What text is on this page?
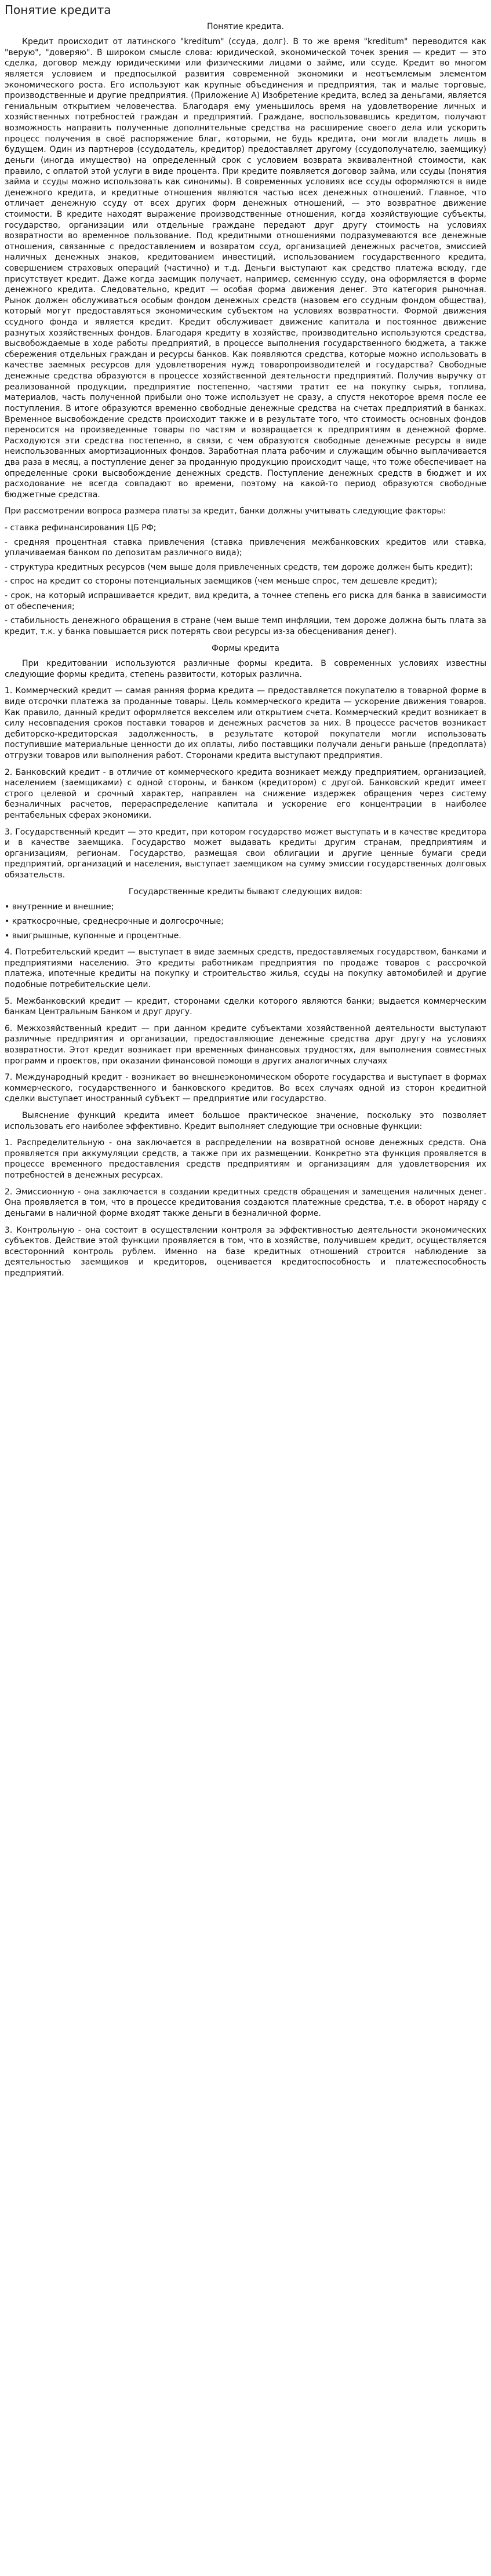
Понятие кредита
Понятие кредита.

Кредит происходит от латинского "kreditum" (ссуда, долг). В то же время "kreditum" переводится как "верую", "доверяю". В широком смысле слова: юридической, экономической точек зрения — кредит — это сделка, договор между юридическими или физическими лицами о займе, или ссуде. Кредит во многом является условием и предпосылкой развития современной экономики и неотъемлемым элементом экономического роста. Его используют как крупные объединения и предприятия, так и малые торговые, производственные и другие предприятия. (Приложение А) Изобретение кредита, вслед за деньгами, является гениальным открытием человечества. Благодаря ему уменьшилось время на удовлетворение личных и хозяйственных потребностей граждан и предприятий. Граждане, воспользовавшись кредитом, получают возможность направить полученные дополнительные средства на расширение своего дела или ускорить процесс получения в своё распоряжение благ, которыми, не будь кредита, они могли владеть лишь в будущем. Один из партнеров (ссудодатель, кредитор) предоставляет другому (ссудополучателю, заемщику) деньги (иногда имущество) на определенный срок с условием возврата эквивалентной стоимости, как правило, с оплатой этой услуги в виде процента. При кредите появляется договор займа, или ссуды (понятия займа и ссуды можно использовать как синонимы). В современных условиях все ссуды оформляются в виде денежного кредита, и кредитные отношения являются частью всех денежных отношений. Главное, что отличает денежную ссуду от всех других форм денежных отношений, — это возвратное движение стоимости. В кредите находят выражение производственные отношения, когда хозяйствующие субъекты, государство, организации или отдельные граждане передают друг другу стоимость на условиях возвратности во временное пользование. Под кредитными отношениями подразумеваются все денежные отношения, связанные с предоставлением и возвратом ссуд, организацией денежных расчетов, эмиссией наличных денежных знаков, кредитованием инвестиций, использованием государственного кредита, совершением страховых операций (частично) и т.д. Деньги выступают как средство платежа всюду, где присутствует кредит. Даже когда заемщик получает, например, семенную ссуду, она оформляется в форме денежного кредита. Следовательно, кредит — особая форма движения денег. Это категория рыночная. Рынок должен обслуживаться особым фондом денежных средств (назовем его ссудным фондом общества), который могут предоставляться экономическим субъектом на условиях возвратности. Формой движения ссудного фонда и является кредит. Кредит обслуживает движение капитала и постоянное движение разнутых хозяйственных фондов. Благодаря кредиту в хозяйстве, производительно используются средства, высвобождаемые в ходе работы предприятий, в процессе выполнения государственного бюджета, а также сбережения отдельных граждан и ресурсы банков. Как появляются средства, которые можно использовать в качестве заемных ресурсов для удовлетворения нужд товаропроизводителей и государства? Свободные денежные средства образуются в процессе хозяйственной деятельности предприятий. Получив выручку от реализованной продукции, предприятие постепенно, частями тратит ее на покупку сырья, топлива, материалов, часть полученной прибыли оно тоже использует не сразу, а спустя некоторое время после ее поступления. В итоге образуются временно свободные денежные средства на счетах предприятий в банках. Временное высвобождение средств происходит также и в результате того, что стоимость основных фондов переносится на произведенные товары по частям и возвращается к предприятиям в денежной форме. Расходуются эти средства постепенно, в связи, с чем образуются свободные денежные ресурсы в виде неиспользованных амортизационных фондов. Заработная плата рабочим и служащим обычно выплачивается два раза в месяц, а поступление денег за проданную продукцию происходит чаще, что тоже обеспечивает на определенные сроки высвобождение денежных средств. Поступление денежных средств в бюджет и их расходование не всегда совпадают во времени, поэтому на какой-то период образуются свободные бюджетные средства.

При рассмотрении вопроса размера платы за кредит, банки должны учитывать следующие факторы:

- ставка рефинансирования ЦБ РФ;
- средняя процентная ставка привлечения (ставка привлечения межбанковских кредитов или ставка, уплачиваемая банком по депозитам различного вида);
- структура кредитных ресурсов (чем выше доля привлеченных средств, тем дороже должен быть кредит);
- спрос на кредит со стороны потенциальных заемщиков (чем меньше спрос, тем дешевле кредит);
- срок, на который испрашивается кредит, вид кредита, а точнее степень его риска для банка в зависимости от обеспечения;
- стабильность денежного обращения в стране (чем выше темп инфляции, тем дороже должна быть плата за кредит, т.к. у банка повышается риск потерять свои ресурсы из-за обесценивания денег).
Формы кредита

При кредитовании используются различные формы кредита. В современных условиях известны следующие формы кредита, степень развитости, которых различна.

1. Коммерческий кредит — самая ранняя форма кредита — предоставляется покупателю в товарной форме в виде отсрочки платежа за проданные товары. Цель коммерческого кредита — ускорение движения товаров. Как правило, данный кредит оформляется векселем или открытием счета. Коммерческий кредит возникает в силу несовпадения сроков поставки товаров и денежных расчетов за них. В процессе расчетов возникает дебиторско-кредиторская задолженность, в результате которой покупатели могли использовать поступившие материальные ценности до их оплаты, либо поставщики получали деньги раньше (предоплата) отгрузки товаров или выполнения работ. Сторонами кредита выступают предприятия.

2. Банковский кредит - в отличие от коммерческого кредита возникает между предприятием, организацией, населением (заемщиками) с одной стороны, и банком (кредитором) с другой. Банковский кредит имеет строго целевой и срочный характер, направлен на снижение издержек обращения через систему безналичных расчетов, перераспределение капитала и ускорение его концентрации в наиболее рентабельных сферах экономики.

3. Государственный кредит — это кредит, при котором государство может выступать и в качестве кредитора и в качестве заемщика. Государство может выдавать кредиты другим странам, предприятиям и организациям, регионам. Государство, размещая свои облигации и другие ценные бумаги среди предприятий, организаций и населения, выступает заемщиком на сумму эмиссии государственных долговых обязательств.

Государственные кредиты бывают следующих видов:
• внутренние и внешние;
• краткосрочные, среднесрочные и долгосрочные;
• выигрышные, купонные и процентные.

4. Потребительский кредит — выступает в виде заемных средств, предоставляемых государством, банками и предприятиями населению. Это кредиты работникам предприятия по продаже товаров с рассрочкой платежа, ипотечные кредиты на покупку и строительство жилья, ссуды на покупку автомобилей и другие подобные потребительские цели.

5. Межбанковский кредит — кредит, сторонами сделки которого являются банки; выдается коммерческим банкам Центральным Банком и друг другу.

6. Межхозяйственный кредит — при данном кредите субъектами хозяйственной деятельности выступают различные предприятия и организации, предоставляющие денежные средства друг другу на условиях возвратности. Этот кредит возникает при временных финансовых трудностях, для выполнения совместных программ и проектов, при оказании финансовой помощи в других аналогичных случаях

7. Международный кредит - возникает во внешнеэкономическом обороте государства и выступает в формах коммерческого, государственного и банковского кредитов. Во всех случаях одной из сторон кредитной сделки выступает иностранный субъект — предприятие или государство.

Выяснение функций кредита имеет большое практическое значение, поскольку это позволяет использовать его наиболее эффективно. Кредит выполняет следующие три основные функции:

1. Распределительную - она заключается в распределении на возвратной основе денежных средств. Она проявляется при аккумуляции средств, а также при их размещении. Конкретно эта функция проявляется в процессе временного предоставления средств предприятиям и организациям для удовлетворения их потребностей в денежных ресурсах.

2. Эмиссионную - она заключается в создании кредитных средств обращения и замещения наличных денег. Она проявляется в том, что в процессе кредитования создаются платежные средства, т.е. в оборот наряду с деньгами в наличной форме входят также деньги в безналичной форме.

3. Контрольную - она состоит в осуществлении контроля за эффективностью деятельности экономических субъектов. Действие этой функции проявляется в том, что в хозяйстве, получившем кредит, осуществляется всесторонний контроль рублем. Именно на базе кредитных отношений строится наблюдение за деятельностью заемщиков и кредиторов, оценивается кредитоспособность и платежеспособность предприятий.
